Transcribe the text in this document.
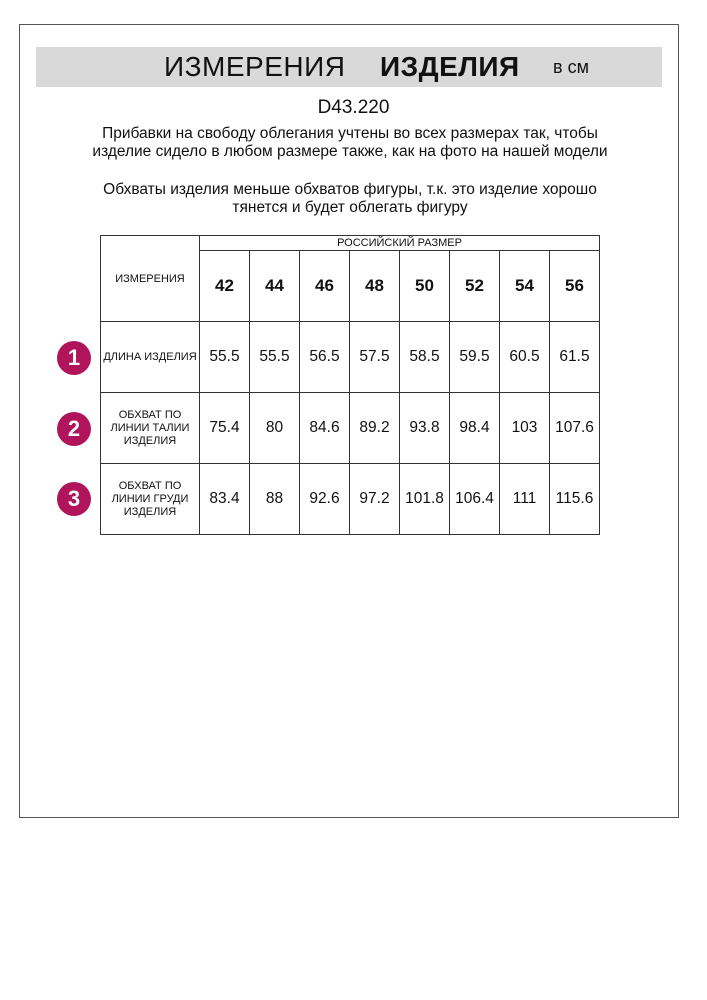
ИЗМЕРЕНИЯ ИЗДЕЛИЯ в см
D43.220
Прибавки на свободу облегания учтены во всех размерах так, чтобы изделие сидело в любом размере также, как на фото на нашей модели
Обхваты изделия меньше обхватов фигуры, т.к. это изделие хорошо тянется и будет облегать фигуру
ИЗМЕРЕНИЯ	РОССИЙСКИЙ РАЗМЕР							
	42	44	46	48	50	52	54	56
ДЛИНА ИЗДЕЛИЯ	55.5	55.5	56.5	57.5	58.5	59.5	60.5	61.5
ОБХВАТ ПО ЛИНИИ ТАЛИИ ИЗДЕЛИЯ	75.4	80	84.6	89.2	93.8	98.4	103	107.6
ОБХВАТ ПО ЛИНИИ ГРУДИ ИЗДЕЛИЯ	83.4	88	92.6	97.2	101.8	106.4	111	115.6
1
2
3
